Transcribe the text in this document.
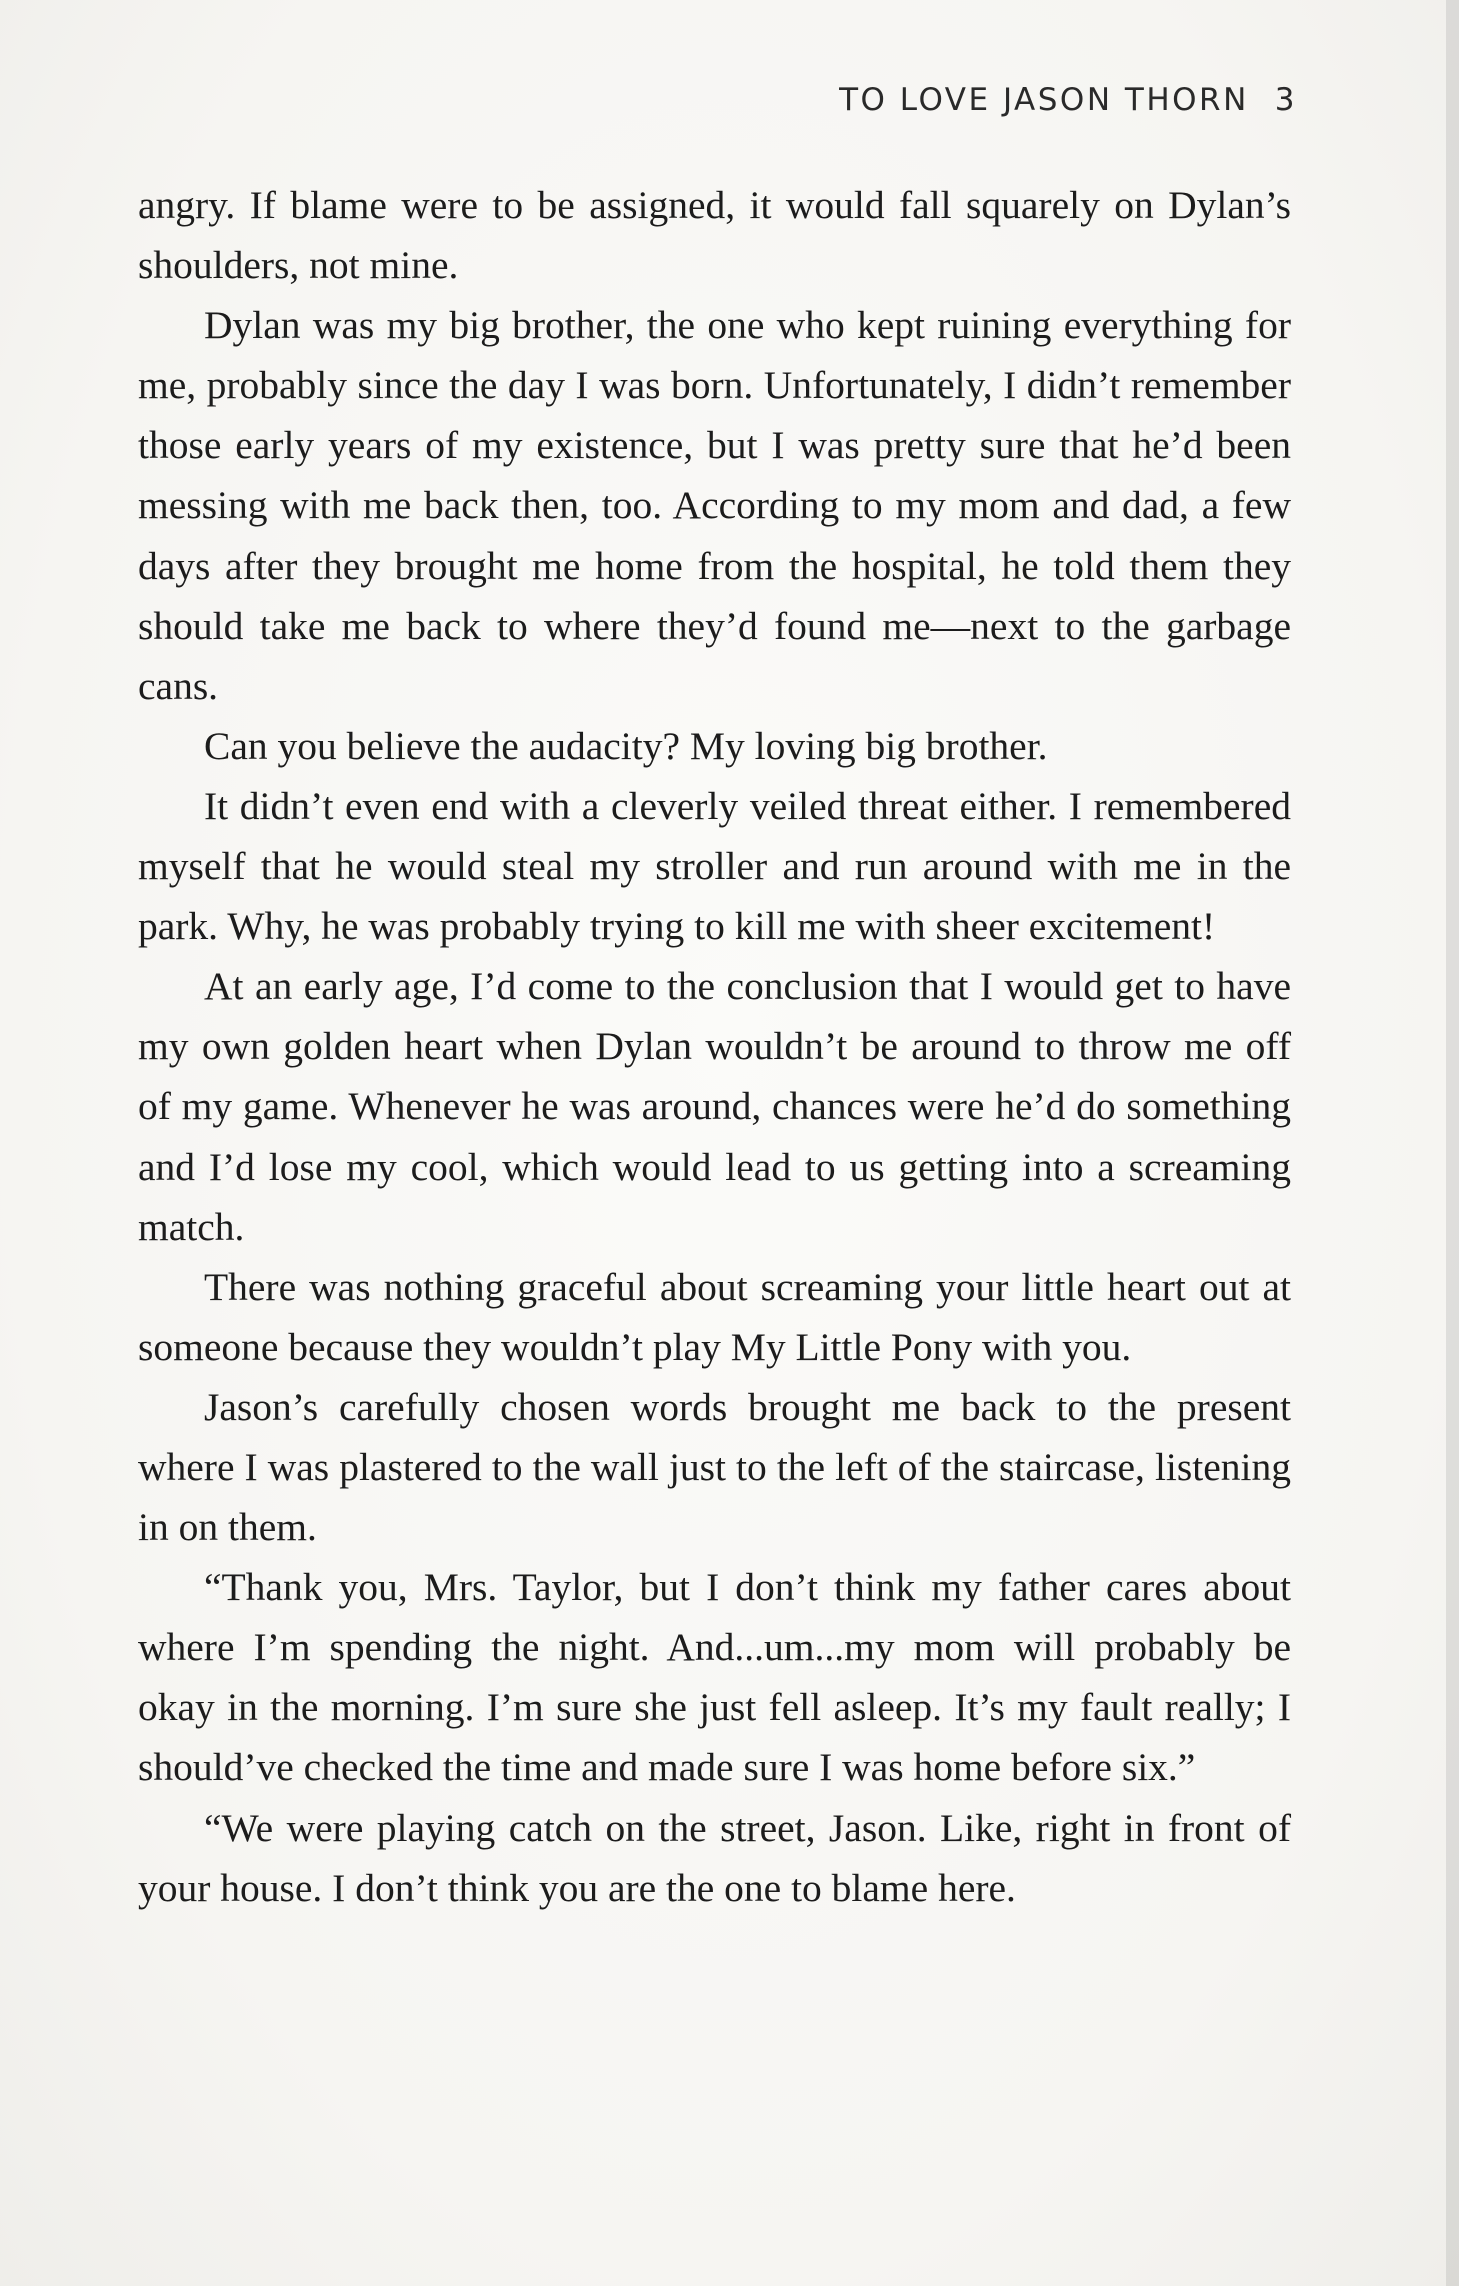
TO LOVE JASON THORN 3

angry. If blame were to be assigned, it would fall squarely on Dylan’s shoulders, not mine.

Dylan was my big brother, the one who kept ruining everything for me, probably since the day I was born. Unfortunately, I didn’t remember those early years of my existence, but I was pretty sure that he’d been messing with me back then, too. According to my mom and dad, a few days after they brought me home from the hospital, he told them they should take me back to where they’d found me—next to the garbage cans.

Can you believe the audacity? My loving big brother.

It didn’t even end with a cleverly veiled threat either. I remembered myself that he would steal my stroller and run around with me in the park. Why, he was probably trying to kill me with sheer excitement!

At an early age, I’d come to the conclusion that I would get to have my own golden heart when Dylan wouldn’t be around to throw me off of my game. Whenever he was around, chances were he’d do something and I’d lose my cool, which would lead to us getting into a screaming match.

There was nothing graceful about screaming your little heart out at someone because they wouldn’t play My Little Pony with you.

Jason’s carefully chosen words brought me back to the present where I was plastered to the wall just to the left of the staircase, listening in on them.

“Thank you, Mrs. Taylor, but I don’t think my father cares about where I’m spending the night. And...um...my mom will probably be okay in the morning. I’m sure she just fell asleep. It’s my fault really; I should’ve checked the time and made sure I was home before six.”

“We were playing catch on the street, Jason. Like, right in front of your house. I don’t think you are the one to blame here.
